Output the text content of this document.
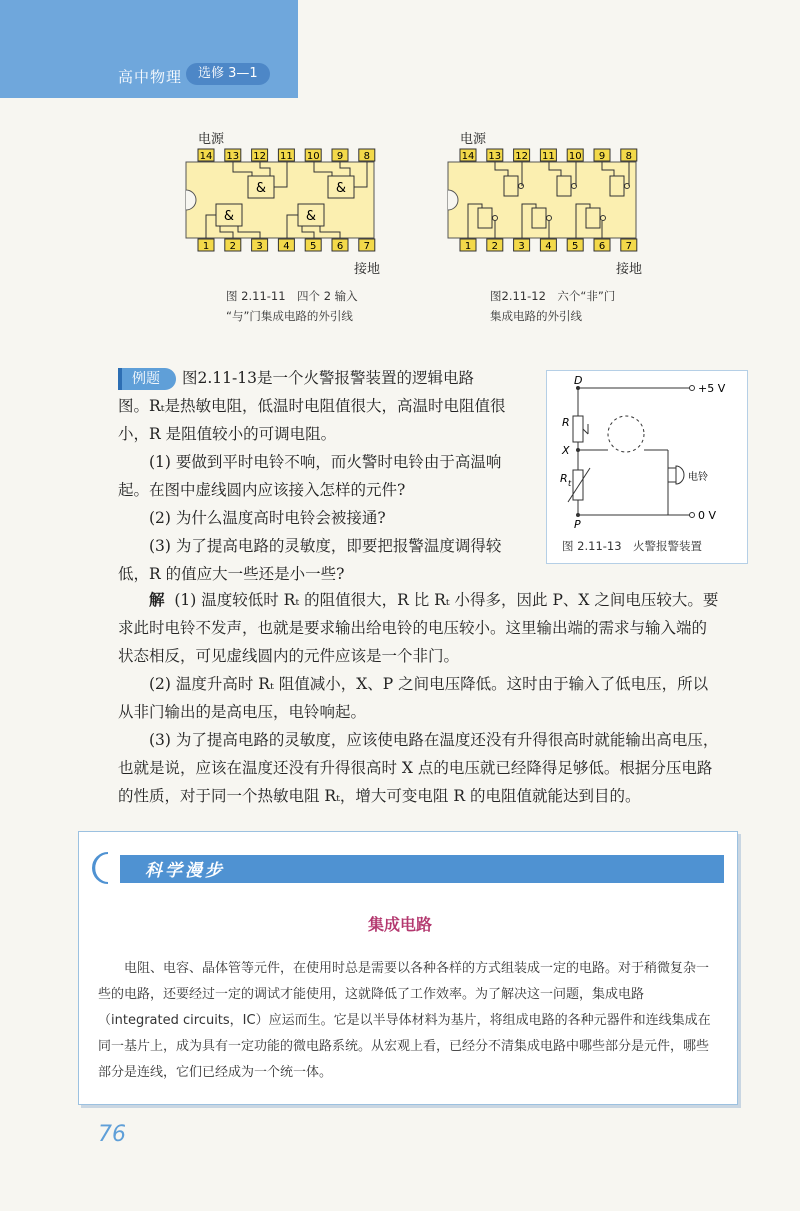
高中物理	选修 3—1
电源
14 13 12 11 10 9 8
1 2 3 4 5 6 7
&	&
&	&
接地
图 2.11-11　四个 2 输入
“与”门集成电路的外引线
电源
14 13 12 11 10 9 8
1 2 3 4 5 6 7
接地
图2.11-12　六个“非”门
集成电路的外引线

例题 图2.11-13是一个火警报警装置的逻辑电路

图。Rₜ是热敏电阻，低温时电阻值很大，高温时电阻值很

小，R 是阻值较小的可调电阻。

(1) 要做到平时电铃不响，而火警时电铃由于高温响起。在图中虚线圆内应该接入怎样的元件?

(2) 为什么温度高时电铃会被接通?

(3) 为了提高电路的灵敏度，即要把报警温度调得较低，R 的值应大一些还是小一些?

D
R
X
R t
P
+5 V
0 V
电铃
图 2.11-13　火警报警装置

解 (1) 温度较低时 Rₜ 的阻值很大，R 比 Rₜ 小得多，因此 P、X 之间电压较大。要求此时电铃不发声，也就是要求输出给电铃的电压较小。这里输出端的需求与输入端的状态相反，可见虚线圆内的元件应该是一个非门。

(2) 温度升高时 Rₜ 阻值减小，X、P 之间电压降低。这时由于输入了低电压，所以从非门输出的是高电压，电铃响起。

(3) 为了提高电路的灵敏度，应该使电路在温度还没有升得很高时就能输出高电压，也就是说，应该在温度还没有升得很高时 X 点的电压就已经降得足够低。根据分压电路的性质，对于同一个热敏电阻 Rₜ，增大可变电阻 R 的电阻值就能达到目的。

科学漫步
集成电路

电阻、电容、晶体管等元件，在使用时总是需要以各种各样的方式组装成一定的电路。对于稍微复杂一些的电路，还要经过一定的调试才能使用，这就降低了工作效率。为了解决这一问题，集成电路（integrated circuits，IC）应运而生。它是以半导体材料为基片，将组成电路的各种元器件和连线集成在同一基片上，成为具有一定功能的微电路系统。从宏观上看，已经分不清集成电路中哪些部分是元件，哪些部分是连线，它们已经成为一个统一体。

76
